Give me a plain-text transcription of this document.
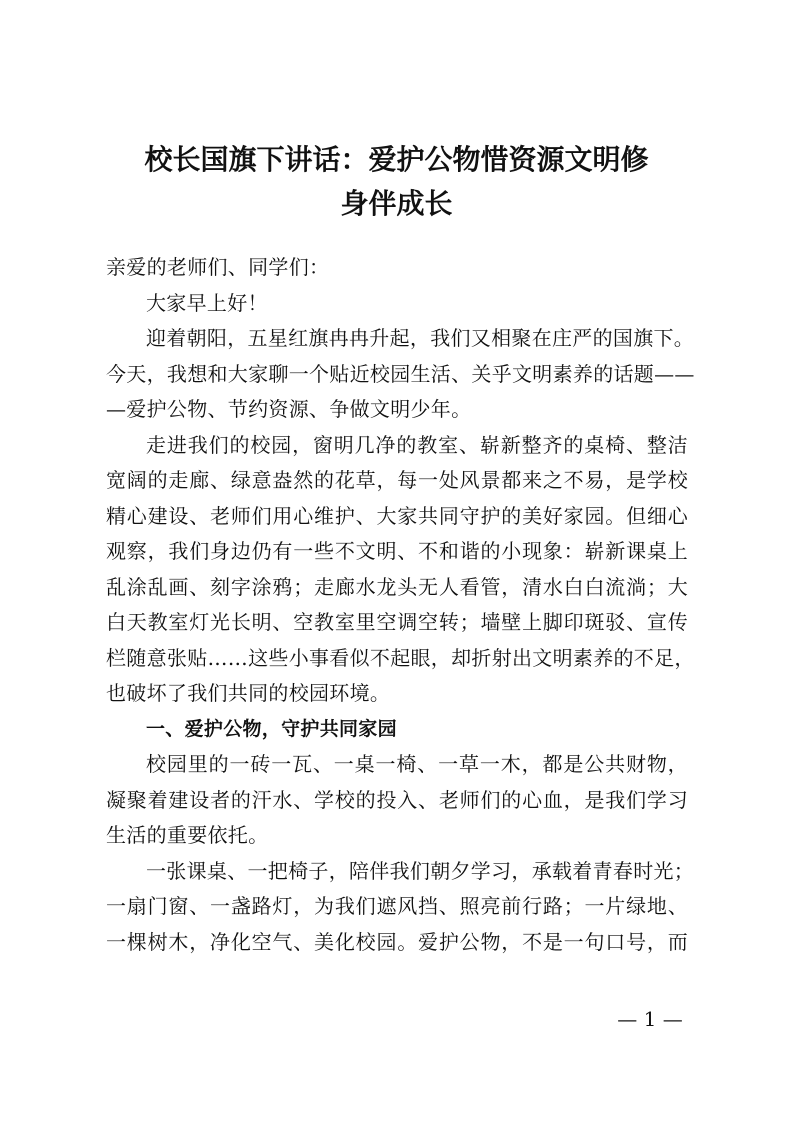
校长国旗下讲话：爱护公物惜资源文明修
身伴成长
亲爱的老师们、同学们：
大家早上好！
迎着朝阳，五星红旗冉冉升起，我们又相聚在庄严的国旗下。
今天，我想和大家聊一个贴近校园生活、关乎文明素养的话题——
—爱护公物、节约资源、争做文明少年。
走进我们的校园，窗明几净的教室、崭新整齐的桌椅、整洁
宽阔的走廊、绿意盎然的花草，每一处风景都来之不易，是学校
精心建设、老师们用心维护、大家共同守护的美好家园。但细心
观察，我们身边仍有一些不文明、不和谐的小现象：崭新课桌上
乱涂乱画、刻字涂鸦；走廊水龙头无人看管，清水白白流淌；大
白天教室灯光长明、空教室里空调空转；墙壁上脚印斑驳、宣传
栏随意张贴……这些小事看似不起眼，却折射出文明素养的不足，
也破坏了我们共同的校园环境。
一、爱护公物，守护共同家园
校园里的一砖一瓦、一桌一椅、一草一木，都是公共财物，
凝聚着建设者的汗水、学校的投入、老师们的心血，是我们学习
生活的重要依托。
一张课桌、一把椅子，陪伴我们朝夕学习，承载着青春时光；
一扇门窗、一盏路灯，为我们遮风挡、照亮前行路；一片绿地、
一棵树木，净化空气、美化校园。爱护公物，不是一句口号，而
— 1 —
